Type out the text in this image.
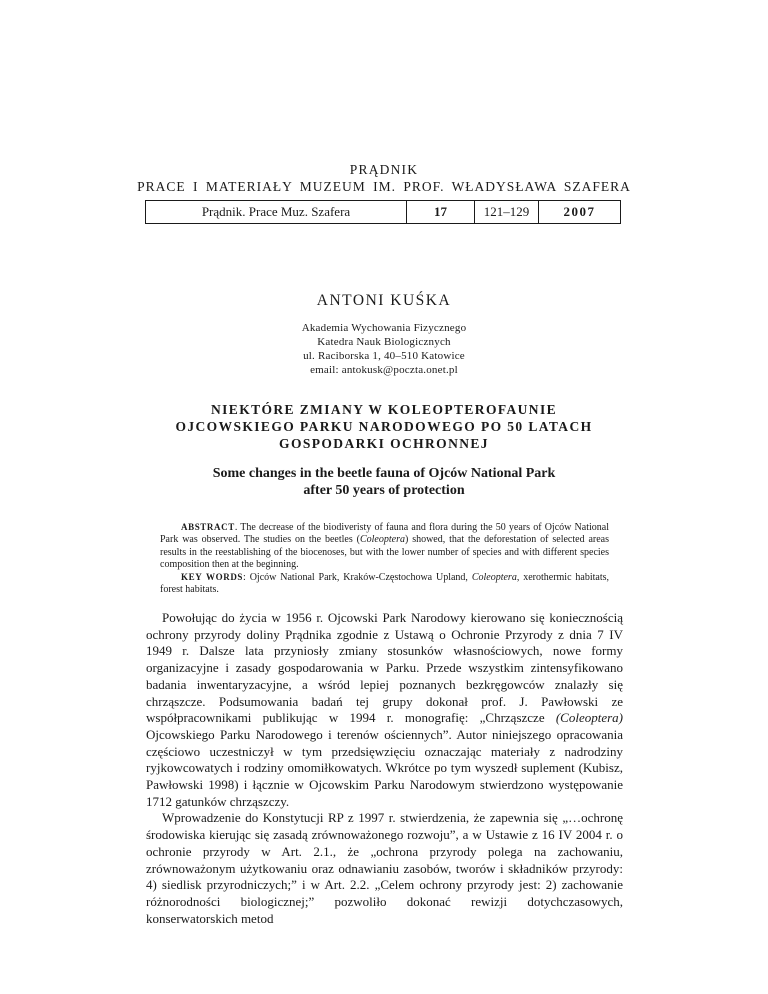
PRĄDNIK
PRACE I MATERIAŁY MUZEUM IM. PROF. WŁADYSŁAWA SZAFERA
Prądnik. Prace Muz. Szafera	17	121–129	2007
ANTONI KUŚKA
Akademia Wychowania Fizycznego
Katedra Nauk Biologicznych
ul. Raciborska 1, 40–510 Katowice
email: antokusk@poczta.onet.pl
NIEKTÓRE ZMIANY W KOLEOPTEROFAUNIE
OJCOWSKIEGO PARKU NARODOWEGO PO 50 LATACH
GOSPODARKI OCHRONNEJ
Some changes in the beetle fauna of Ojców National Park
after 50 years of protection

ABSTRACT. The decrease of the biodiveristy of fauna and flora during the 50 years of Ojców National Park was observed. The studies on the beetles (Coleoptera) showed, that the deforestation of selected areas results in the reestablishing of the biocenoses, but with the lower number of species and with different species composition then at the beginning.

KEY WORDS: Ojców National Park, Kraków-Częstochowa Upland, Coleoptera, xerothermic habitats, forest habitats.

Powołując do życia w 1956 r. Ojcowski Park Narodowy kierowano się koniecznością ochrony przyrody doliny Prądnika zgodnie z Ustawą o Ochronie Przyrody z dnia 7 IV 1949 r. Dalsze lata przyniosły zmiany stosunków własnościowych, nowe formy organizacyjne i zasady gospodarowania w Parku. Przede wszystkim zintensyfikowano badania inwentaryzacyjne, a wśród lepiej poznanych bezkręgowców znalazły się chrząszcze. Podsumowania badań tej grupy dokonał prof. J. Pawłowski ze współpracownikami publikując w 1994 r. monografię: „Chrząszcze (Coleoptera) Ojcowskiego Parku Narodowego i terenów ościennych”. Autor niniejszego opracowania częściowo uczestniczył w tym przedsięwzięciu oznaczając materiały z nadrodziny ryjkowcowatych i rodziny omomiłkowatych. Wkrótce po tym wyszedł suplement (Kubisz, Pawłowski 1998) i łącznie w Ojcowskim Parku Narodowym stwierdzono występowanie 1712 gatunków chrząszczy.

Wprowadzenie do Konstytucji RP z 1997 r. stwierdzenia, że zapewnia się „…ochronę środowiska kierując się zasadą zrównoważonego rozwoju”, a w Ustawie z 16 IV 2004 r. o ochronie przyrody w Art. 2.1., że „ochrona przyrody polega na zachowaniu, zrównoważonym użytkowaniu oraz odnawianiu zasobów, tworów i składników przyrody: 4) siedlisk przyrodniczych;” i w Art. 2.2. „Celem ochrony przyrody jest: 2) zachowanie różnorodności biologicznej;” pozwoliło dokonać rewizji dotychczasowych, konserwatorskich metod
